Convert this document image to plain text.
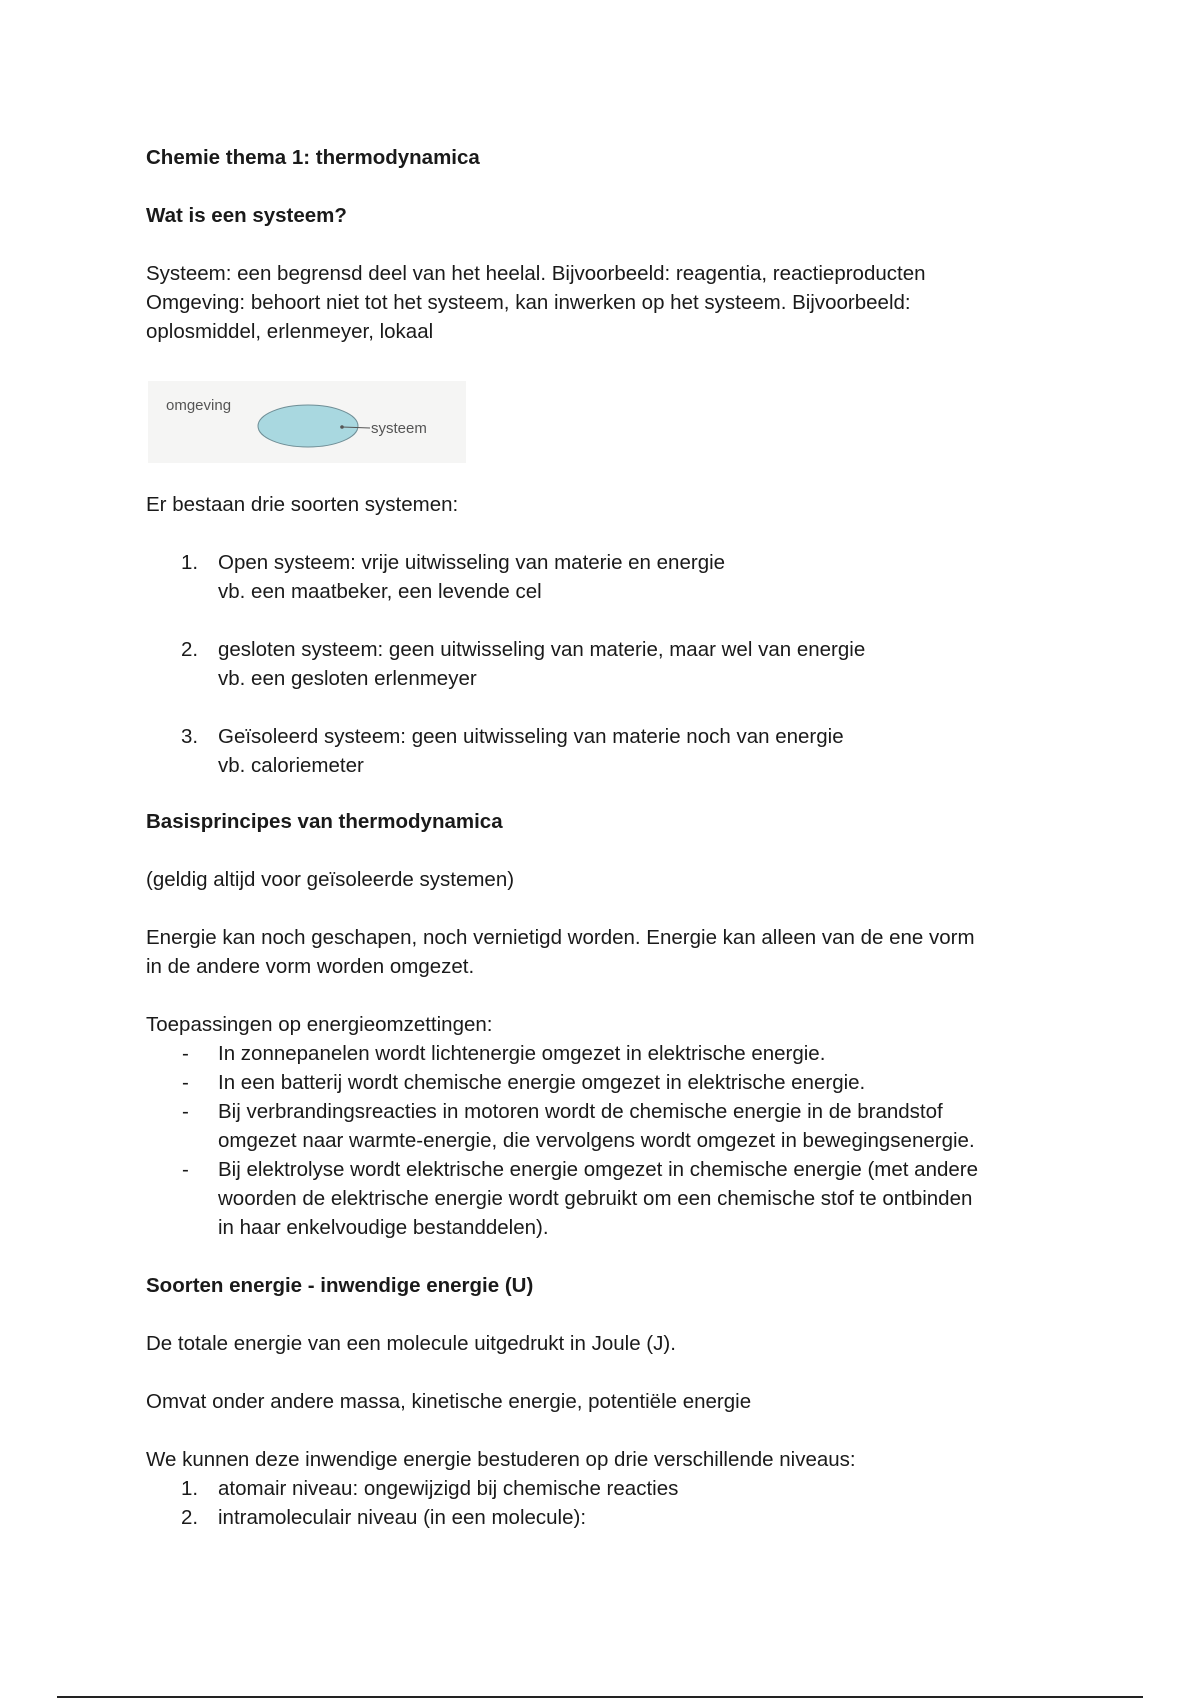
Chemie thema 1: thermodynamica

Wat is een systeem?

Systeem: een begrensd deel van het heelal. Bijvoorbeeld: reagentia, reactieproducten

Omgeving: behoort niet tot het systeem, kan inwerken op het systeem. Bijvoorbeeld:

oplosmiddel, erlenmeyer, lokaal

omgeving
systeem

Er bestaan drie soorten systemen:

1. Open systeem: vrije uitwisseling van materie en energie

vb. een maatbeker, een levende cel

2. gesloten systeem: geen uitwisseling van materie, maar wel van energie

vb. een gesloten erlenmeyer

3. Geïsoleerd systeem: geen uitwisseling van materie noch van energie

vb. caloriemeter

Basisprincipes van thermodynamica

(geldig altijd voor geïsoleerde systemen)

Energie kan noch geschapen, noch vernietigd worden. Energie kan alleen van de ene vorm

in de andere vorm worden omgezet.

Toepassingen op energieomzettingen:

- In zonnepanelen wordt lichtenergie omgezet in elektrische energie.

- In een batterij wordt chemische energie omgezet in elektrische energie.

- Bij verbrandingsreacties in motoren wordt de chemische energie in de brandstof

omgezet naar warmte-energie, die vervolgens wordt omgezet in bewegingsenergie.

- Bij elektrolyse wordt elektrische energie omgezet in chemische energie (met andere

woorden de elektrische energie wordt gebruikt om een chemische stof te ontbinden

in haar enkelvoudige bestanddelen).

Soorten energie - inwendige energie (U)

De totale energie van een molecule uitgedrukt in Joule (J).

Omvat onder andere massa, kinetische energie, potentiële energie

We kunnen deze inwendige energie bestuderen op drie verschillende niveaus:

1. atomair niveau: ongewijzigd bij chemische reacties

2. intramoleculair niveau (in een molecule):
